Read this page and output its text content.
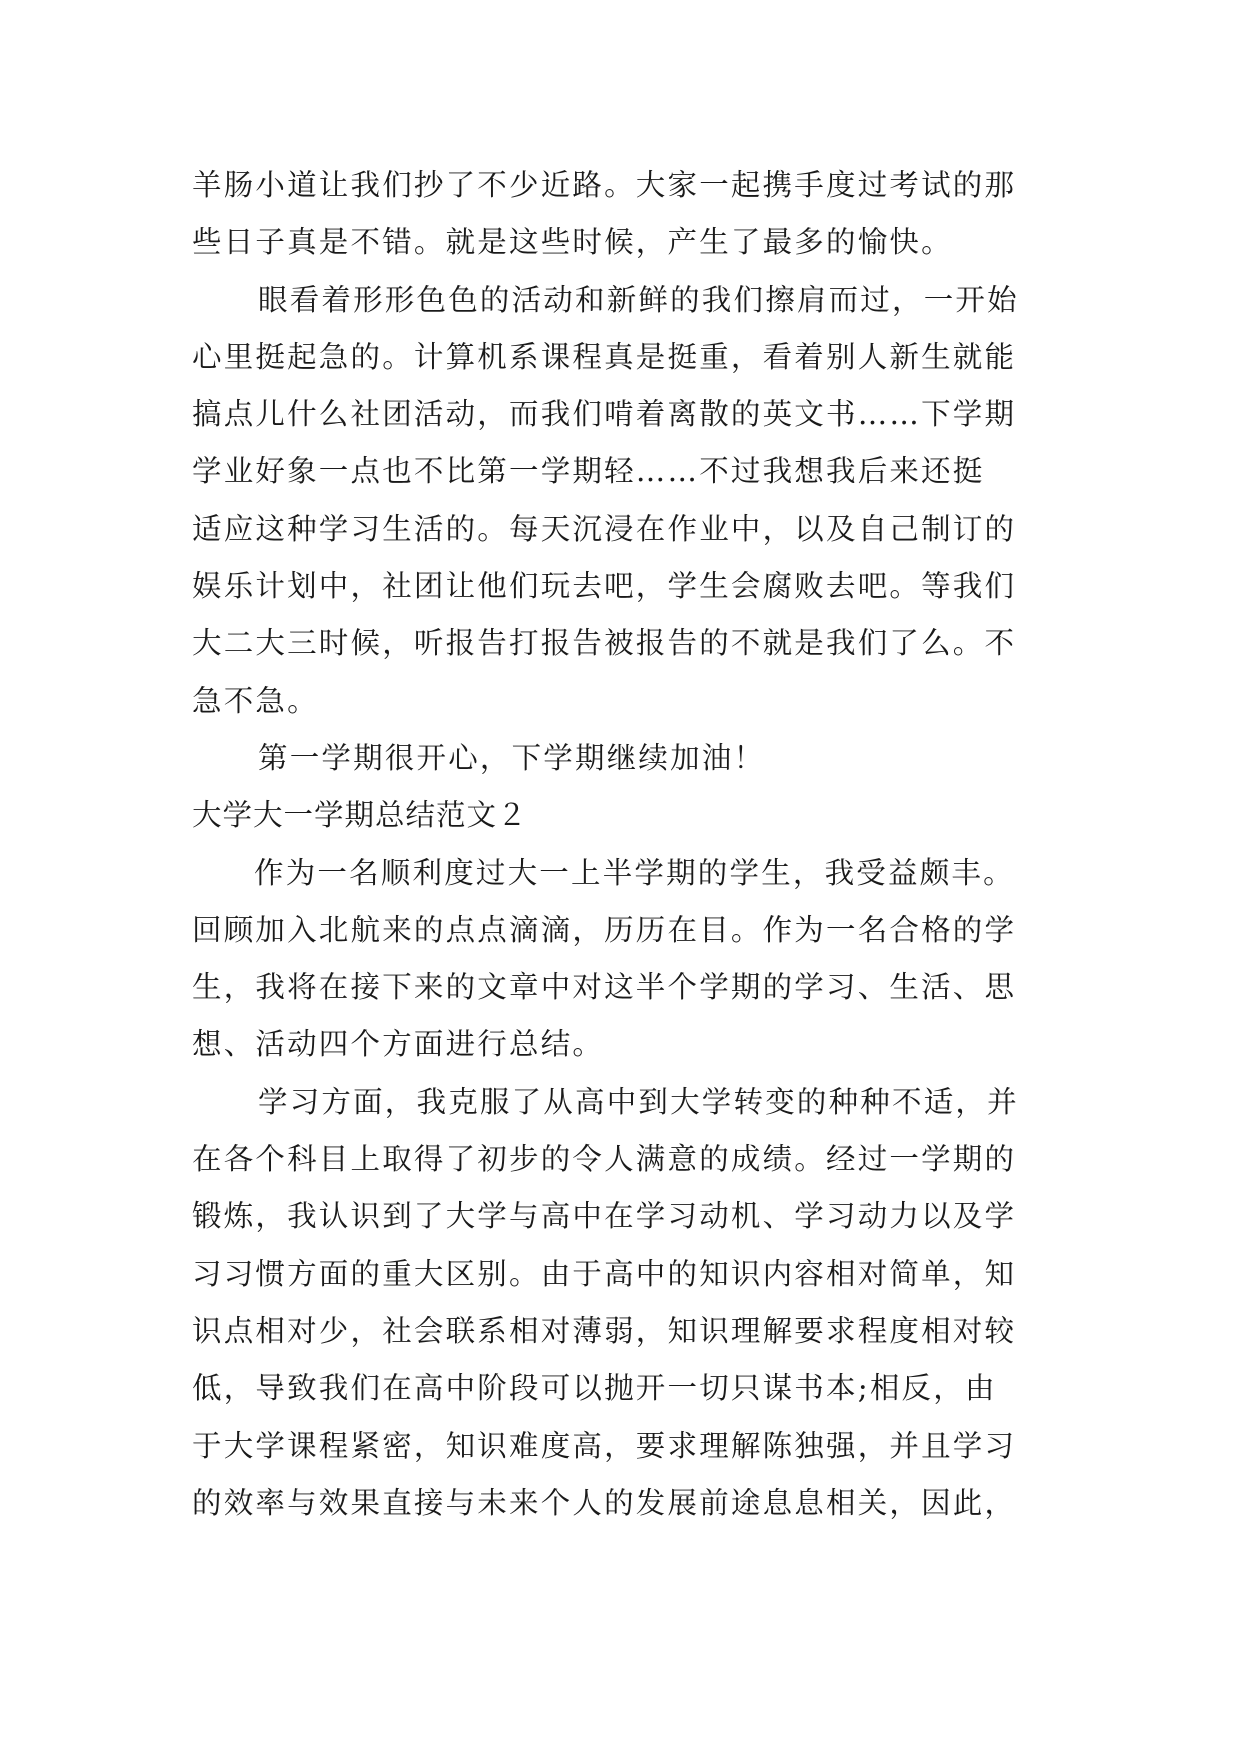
羊肠小道让我们抄了不少近路。大家一起携手度过考试的那
些日子真是不错。就是这些时候，产生了最多的愉快。
眼看着形形色色的活动和新鲜的我们擦肩而过，一开始
心里挺起急的。计算机系课程真是挺重，看着别人新生就能
搞点儿什么社团活动，而我们啃着离散的英文书……下学期
学业好象一点也不比第一学期轻……不过我想我后来还挺
适应这种学习生活的。每天沉浸在作业中，以及自己制订的
娱乐计划中，社团让他们玩去吧，学生会腐败去吧。等我们
大二大三时候，听报告打报告被报告的不就是我们了么。不
急不急。
第一学期很开心，下学期继续加油！
大学大一学期总结范文２
作为一名顺利度过大一上半学期的学生，我受益颇丰。
回顾加入北航来的点点滴滴，历历在目。作为一名合格的学
生，我将在接下来的文章中对这半个学期的学习、生活、思
想、活动四个方面进行总结。
学习方面，我克服了从高中到大学转变的种种不适，并
在各个科目上取得了初步的令人满意的成绩。经过一学期的
锻炼，我认识到了大学与高中在学习动机、学习动力以及学
习习惯方面的重大区别。由于高中的知识内容相对简单，知
识点相对少，社会联系相对薄弱，知识理解要求程度相对较
低，导致我们在高中阶段可以抛开一切只谋书本;相反，由
于大学课程紧密，知识难度高，要求理解陈独强，并且学习
的效率与效果直接与未来个人的发展前途息息相关，因此，
